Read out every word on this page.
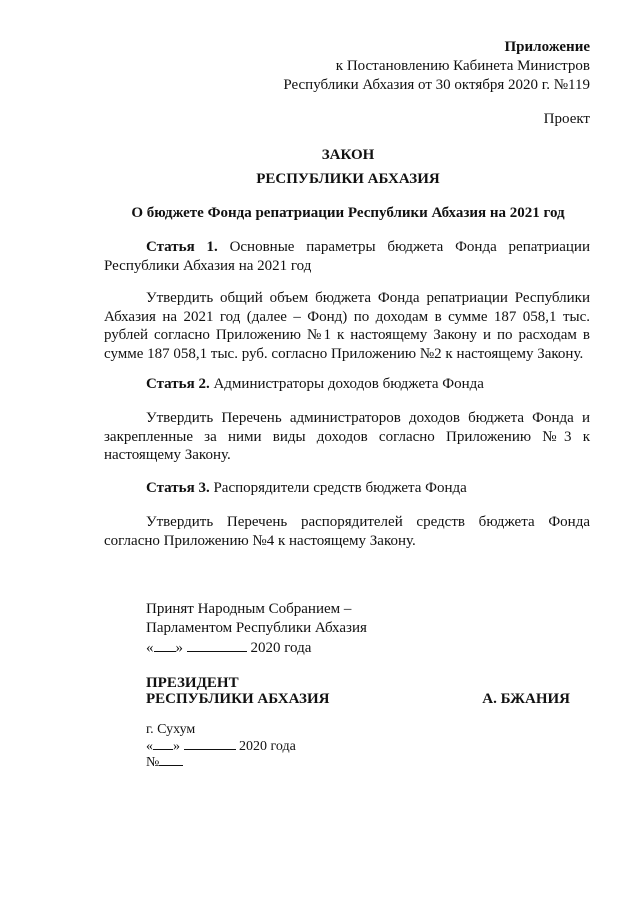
Приложение
к Постановлению Кабинета Министров
Республики Абхазия от 30 октября 2020 г. №119
Проект
ЗАКОН
РЕСПУБЛИКИ АБХАЗИЯ
О бюджете Фонда репатриации Республики Абхазия на 2021 год
Статья 1. Основные параметры бюджета Фонда репатриации Республики Абхазия на 2021 год
Утвердить общий объем бюджета Фонда репатриации Республики Абхазия на 2021 год (далее – Фонд) по доходам в сумме 187 058,1 тыс. рублей согласно Приложению №1 к настоящему Закону и по расходам в сумме 187 058,1 тыс. руб. согласно Приложению №2 к настоящему Закону.
Статья 2. Администраторы доходов бюджета Фонда
Утвердить Перечень администраторов доходов бюджета Фонда и закрепленные за ними виды доходов согласно Приложению №3 к настоящему Закону.
Статья 3. Распорядители средств бюджета Фонда
Утвердить Перечень распорядителей средств бюджета Фонда согласно Приложению №4 к настоящему Закону.
Принят Народным Собранием –
Парламентом Республики Абхазия
« »	2020 года
ПРЕЗИДЕНТ
РЕСПУБЛИКИ АБХАЗИЯ	А. БЖАНИЯ
г. Сухум
« »	2020 года
№
